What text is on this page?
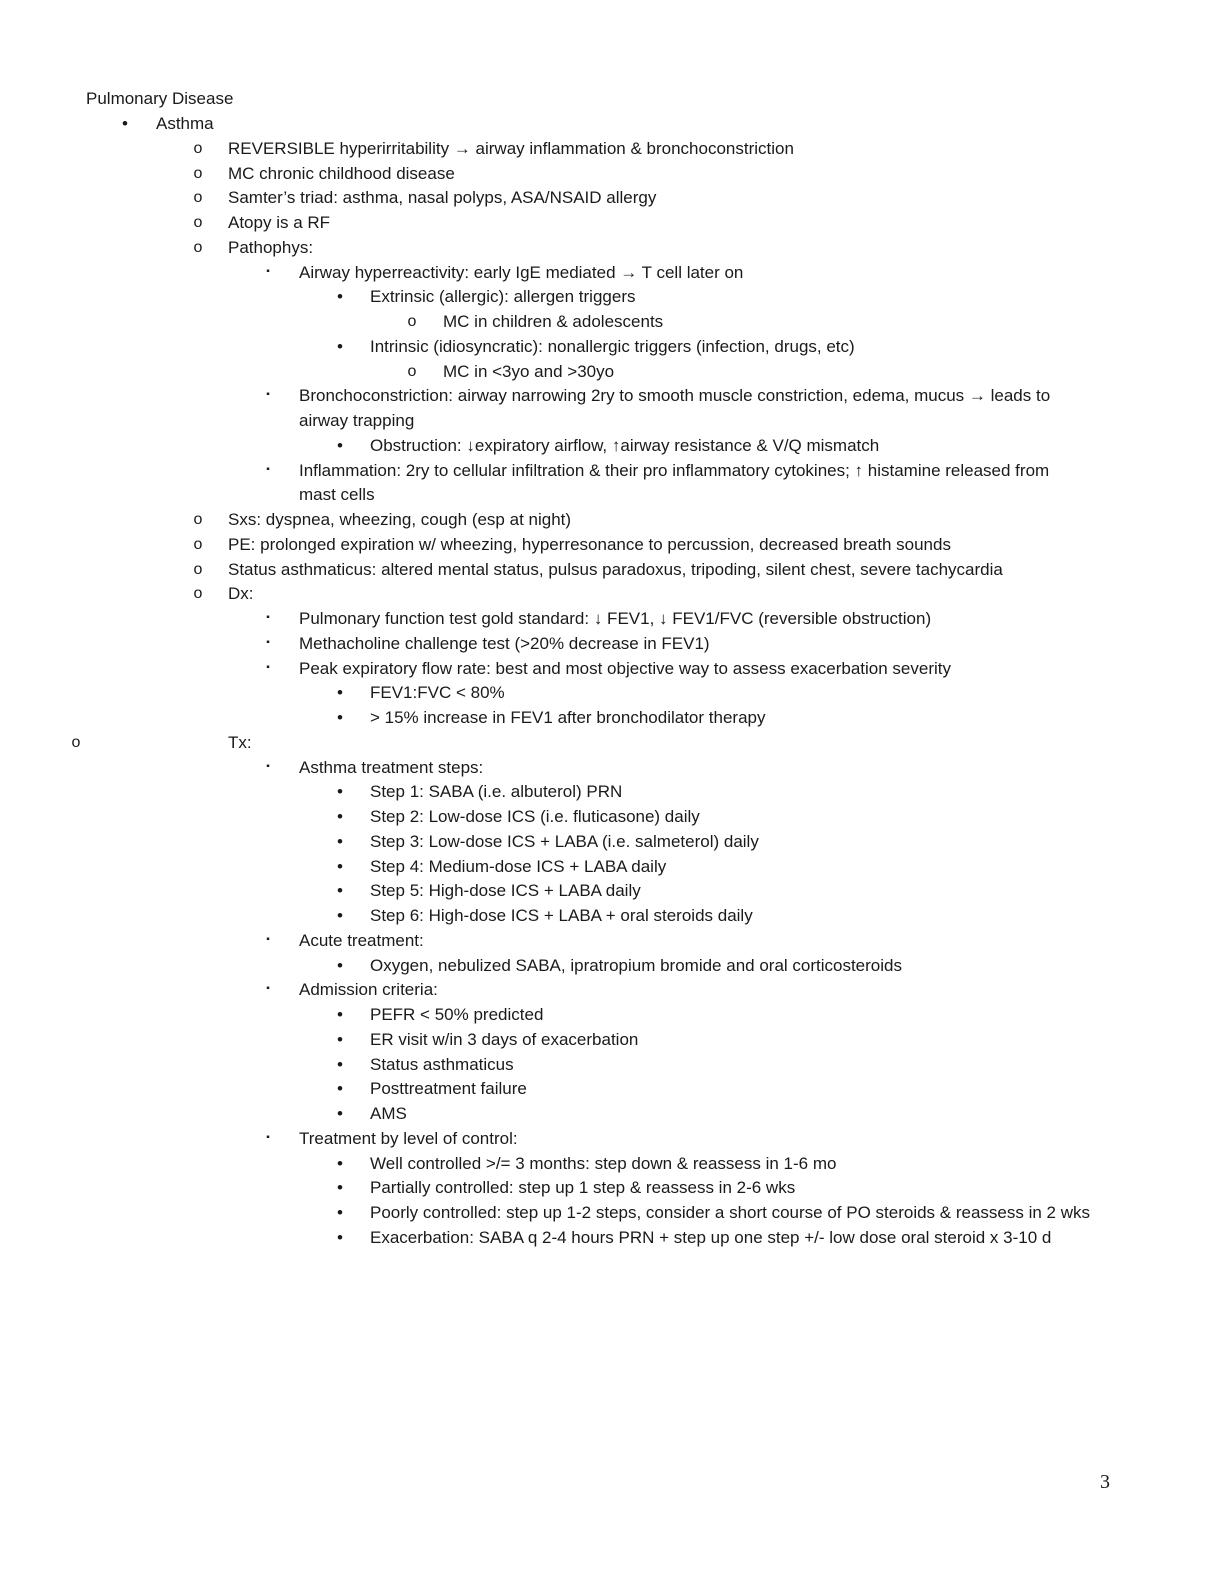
Pulmonary Disease
•	Asthma
o	REVERSIBLE hyperirritability → airway inflammation & bronchoconstriction
o	MC chronic childhood disease
o	Samter’s triad: asthma, nasal polyps, ASA/NSAID allergy
o	Atopy is a RF
o	Pathophys:
▪	Airway hyperreactivity: early IgE mediated → T cell later on
•	Extrinsic (allergic): allergen triggers
o	MC in children & adolescents
•	Intrinsic (idiosyncratic): nonallergic triggers (infection, drugs, etc)
o	MC in <3yo and >30yo
▪	Bronchoconstriction: airway narrowing 2ry to smooth muscle constriction, edema, mucus → leads to
airway trapping
•	Obstruction: ↓expiratory airflow, ↑airway resistance & V/Q mismatch
▪	Inflammation: 2ry to cellular infiltration & their pro inflammatory cytokines; ↑ histamine released from
mast cells
o	Sxs: dyspnea, wheezing, cough (esp at night)
o	PE: prolonged expiration w/ wheezing, hyperresonance to percussion, decreased breath sounds
o	Status asthmaticus: altered mental status, pulsus paradoxus, tripoding, silent chest, severe tachycardia
o	Dx:
▪	Pulmonary function test gold standard: ↓ FEV1, ↓ FEV1/FVC (reversible obstruction)
▪	Methacholine challenge test (>20% decrease in FEV1)
▪	Peak expiratory flow rate: best and most objective way to assess exacerbation severity
•	FEV1:FVC < 80%
•	> 15% increase in FEV1 after bronchodilator therapy
o	Tx:
▪	Asthma treatment steps:
•	Step 1: SABA (i.e. albuterol) PRN
•	Step 2: Low-dose ICS (i.e. fluticasone) daily
•	Step 3: Low-dose ICS + LABA (i.e. salmeterol) daily
•	Step 4: Medium-dose ICS + LABA daily
•	Step 5: High-dose ICS + LABA daily
•	Step 6: High-dose ICS + LABA + oral steroids daily
▪	Acute treatment:
•	Oxygen, nebulized SABA, ipratropium bromide and oral corticosteroids
▪	Admission criteria:
•	PEFR < 50% predicted
•	ER visit w/in 3 days of exacerbation
•	Status asthmaticus
•	Posttreatment failure
•	AMS
▪	Treatment by level of control:
•	Well controlled >/= 3 months: step down & reassess in 1-6 mo
•	Partially controlled: step up 1 step & reassess in 2-6 wks
•	Poorly controlled: step up 1-2 steps, consider a short course of PO steroids & reassess in 2 wks
•	Exacerbation: SABA q 2-4 hours PRN + step up one step +/- low dose oral steroid x 3-10 d
3
